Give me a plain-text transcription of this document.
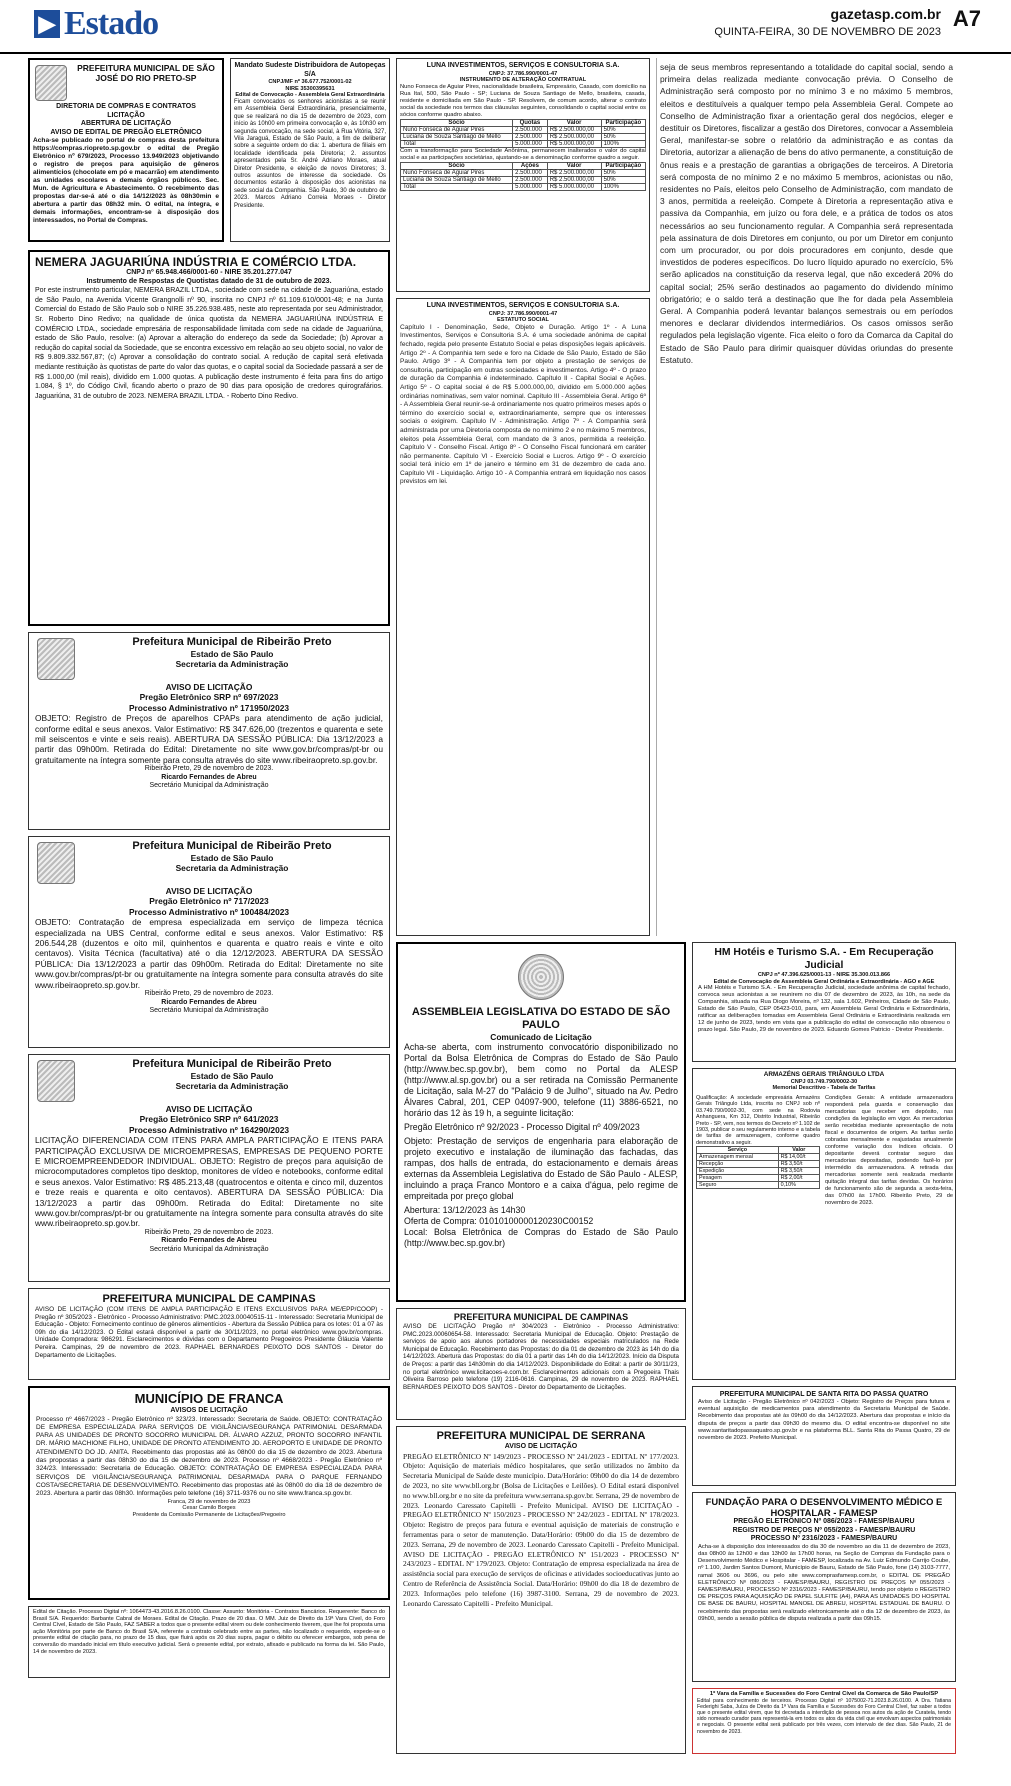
▶ Estado	gazetasp.com.br
QUINTA-FEIRA, 30 DE NOVEMBRO DE 2023
A7
PREFEITURA MUNICIPAL DE SÃO JOSÉ DO RIO PRETO-SP
DIRETORIA DE COMPRAS E CONTRATOS
LICITAÇÃO
ABERTURA DE LICITAÇÃO
AVISO DE EDITAL DE PREGÃO ELETRÔNICO
Acha-se publicado no portal de compras desta prefeitura https://compras.riopreto.sp.gov.br o edital de Pregão Eletrônico nº 679/2023, Processo 13.949/2023 objetivando o registro de preços para aquisição de gêneros alimentícios (chocolate em pó e macarrão) em atendimento as unidades escolares e demais órgãos públicos. Sec. Mun. de Agricultura e Abastecimento. O recebimento das propostas dar-se-á até o dia 14/12/2023 às 08h30min e abertura a partir das 08h32 min. O edital, na íntegra, e demais informações, encontram-se à disposição dos interessados, no Portal de Compras.
Mandato Sudeste Distribuidora de Autopeças S/A
CNPJ/MF nº 36.677.752/0001-02
NIRE 35300395631
Edital de Convocação - Assembleia Geral Extraordinária
Ficam convocados os senhores acionistas a se reunir em Assembleia Geral Extraordinária, presencialmente, que se realizará no dia 15 de dezembro de 2023, com início às 10h00 em primeira convocação e, às 10h30 em segunda convocação, na sede social, à Rua Vitória, 327, Vila Jaraguá, Estado de São Paulo, a fim de deliberar sobre a seguinte ordem do dia: 1. abertura de filiais em localidade identificada pela Diretoria; 2. assuntos apresentados pela Sr. André Adriano Moraes, atual Diretor Presidente, e eleição de novos Diretores; 3. outros assuntos de interesse da sociedade. Os documentos estarão à disposição dos acionistas na sede social da Companhia. São Paulo, 30 de outubro de 2023. Marcos Adriano Correia Moraes - Diretor Presidente.
NEMERA JAGUARIÚNA INDÚSTRIA E COMÉRCIO LTDA.
CNPJ nº 65.948.466/0001-60 - NIRE 35.201.277.047
Instrumento de Respostas de Quotistas datado de 31 de outubro de 2023.
Por este instrumento particular, NEMERA BRAZIL LTDA., sociedade com sede na cidade de Jaguariúna, estado de São Paulo, na Avenida Vicente Grangnolli nº 90, inscrita no CNPJ nº 61.109.610/0001-48; e na Junta Comercial do Estado de São Paulo sob o NIRE 35.226.938.485, neste ato representada por seu Administrador, Sr. Roberto Dino Redivo; na qualidade de única quotista da NEMERA JAGUARIÚNA INDÚSTRIA E COMÉRCIO LTDA., sociedade empresária de responsabilidade limitada com sede na cidade de Jaguariúna, estado de São Paulo, resolve: (a) Aprovar a alteração do endereço da sede da Sociedade; (b) Aprovar a redução do capital social da Sociedade, que se encontra excessivo em relação ao seu objeto social, no valor de R$ 9.809.332.567,87; (c) Aprovar a consolidação do contrato social. A redução de capital será efetivada mediante restituição às quotistas de parte do valor das quotas, e o capital social da Sociedade passará a ser de R$ 1.000,00 (mil reais), dividido em 1.000 quotas. A publicação deste instrumento é feita para fins do artigo 1.084, § 1º, do Código Civil, ficando aberto o prazo de 90 dias para oposição de credores quirografários. Jaguariúna, 31 de outubro de 2023. NEMERA BRAZIL LTDA. - Roberto Dino Redivo.
Prefeitura Municipal de Ribeirão Preto
Estado de São Paulo
Secretaria da Administração
AVISO DE LICITAÇÃO
Pregão Eletrônico SRP nº 697/2023
Processo Administrativo nº 171950/2023
OBJETO: Registro de Preços de aparelhos CPAPs para atendimento de ação judicial, conforme edital e seus anexos. Valor Estimativo: R$ 347.626,00 (trezentos e quarenta e sete mil seiscentos e vinte e seis reais). ABERTURA DA SESSÃO PÚBLICA: Dia 13/12/2023 a partir das 09h00m. Retirada do Edital: Diretamente no site www.gov.br/compras/pt-br ou gratuitamente na íntegra somente para consulta através do site www.ribeiraopreto.sp.gov.br.
Ribeirão Preto, 29 de novembro de 2023.
Ricardo Fernandes de Abreu
Secretário Municipal da Administração
Prefeitura Municipal de Ribeirão Preto
Estado de São Paulo
Secretaria da Administração
AVISO DE LICITAÇÃO
Pregão Eletrônico nº 717/2023
Processo Administrativo nº 100484/2023
OBJETO: Contratação de empresa especializada em serviço de limpeza técnica especializada na UBS Central, conforme edital e seus anexos. Valor Estimativo: R$ 206.544,28 (duzentos e oito mil, quinhentos e quarenta e quatro reais e vinte e oito centavos). Visita Técnica (facultativa) até o dia 12/12/2023. ABERTURA DA SESSÃO PÚBLICA: Dia 13/12/2023 a partir das 09h00m. Retirada do Edital: Diretamente no site www.gov.br/compras/pt-br ou gratuitamente na íntegra somente para consulta através do site www.ribeiraopreto.sp.gov.br.
Ribeirão Preto, 29 de novembro de 2023.
Ricardo Fernandes de Abreu
Secretário Municipal da Administração
Prefeitura Municipal de Ribeirão Preto
Estado de São Paulo
Secretaria da Administração
AVISO DE LICITAÇÃO
Pregão Eletrônico SRP nº 641/2023
Processo Administrativo nº 164290/2023
LICITAÇÃO DIFERENCIADA COM ITENS PARA AMPLA PARTICIPAÇÃO E ITENS PARA PARTICIPAÇÃO EXCLUSIVA DE MICROEMPRESAS, EMPRESAS DE PEQUENO PORTE E MICROEMPREENDEDOR INDIVIDUAL. OBJETO: Registro de preços para aquisição de microcomputadores completos tipo desktop, monitores de vídeo e notebooks, conforme edital e seus anexos. Valor Estimativo: R$ 485.213,48 (quatrocentos e oitenta e cinco mil, duzentos e treze reais e quarenta e oito centavos). ABERTURA DA SESSÃO PÚBLICA: Dia 13/12/2023 a partir das 09h00m. Retirada do Edital: Diretamente no site www.gov.br/compras/pt-br ou gratuitamente na íntegra somente para consulta através do site www.ribeiraopreto.sp.gov.br.
Ribeirão Preto, 29 de novembro de 2023.
Ricardo Fernandes de Abreu
Secretário Municipal da Administração
PREFEITURA MUNICIPAL DE CAMPINAS
AVISO DE LICITAÇÃO (COM ITENS DE AMPLA PARTICIPAÇÃO E ITENS EXCLUSIVOS PARA ME/EPP/COOP) - Pregão nº 305/2023 - Eletrônico - Processo Administrativo: PMC.2023.00040515-11 - Interessado: Secretaria Municipal de Educação - Objeto: Fornecimento contínuo de gêneros alimentícios - Abertura da Sessão Pública para os lotes: 01 a 07 às 09h do dia 14/12/2023. O Edital estará disponível a partir de 30/11/2023, no portal eletrônico www.gov.br/compras. Unidade Compradora: 986291. Esclarecimentos e dúvidas com o Departamento Pregoeiros Presidente Gláucia Valente Pereira. Campinas, 29 de novembro de 2023. RAPHAEL BERNARDES PEIXOTO DOS SANTOS - Diretor do Departamento de Licitações.
MUNICÍPIO DE FRANCA
AVISOS DE LICITAÇÃO
Processo nº 4667/2023 - Pregão Eletrônico nº 323/23. Interessado: Secretaria de Saúde. OBJETO: CONTRATAÇÃO DE EMPRESA ESPECIALIZADA PARA SERVIÇOS DE VIGILÂNCIA/SEGURANÇA PATRIMONIAL DESARMADA PARA AS UNIDADES DE PRONTO SOCORRO MUNICIPAL DR. ÁLVARO AZZUZ, PRONTO SOCORRO INFANTIL DR. MÁRIO MACHIONE FILHO, UNIDADE DE PRONTO ATENDIMENTO JD. AEROPORTO E UNIDADE DE PRONTO ATENDIMENTO DO JD. ANITA. Recebimento das propostas até às 08h00 do dia 15 de dezembro de 2023. Abertura das propostas a partir das 08h30 do dia 15 de dezembro de 2023. Processo nº 4668/2023 - Pregão Eletrônico nº 324/23. Interessado: Secretaria de Educação. OBJETO: CONTRATAÇÃO DE EMPRESA ESPECIALIZADA PARA SERVIÇOS DE VIGILÂNCIA/SEGURANÇA PATRIMONIAL DESARMADA PARA O PARQUE FERNANDO COSTA/SECRETARIA DE DESENVOLVIMENTO. Recebimento das propostas até às 08h00 do dia 18 de dezembro de 2023. Abertura a partir das 08h30. Informações pelo telefone (16) 3711-9376 ou no site www.franca.sp.gov.br.
Franca, 29 de novembro de 2023
Cesar Camilo Borges
Presidente da Comissão Permanente de Licitações/Pregoeiro
Edital de Citação. Processo Digital nº: 1064473-43.2016.8.26.0100. Classe: Assunto: Monitória - Contratos Bancários. Requerente: Banco do Brasil S/A. Requerido: Barbante Cabral de Moraes. Edital de Citação. Prazo de 20 dias. O MM. Juiz de Direito da 19ª Vara Cível, do Foro Central Cível, Estado de São Paulo, FAZ SABER a todos que o presente edital virem ou dele conhecimento tiverem, que lhe foi proposta uma ação Monitória por parte de Banco do Brasil S/A, referente a contrato celebrado entre as partes, não localizado o requerido, expede-se o presente edital de citação para, no prazo de 15 dias, que fluirá após os 20 dias supra, pagar o débito ou oferecer embargos, sob pena de conversão do mandado inicial em título executivo judicial. Será o presente edital, por extrato, afixado e publicado na forma da lei. São Paulo, 14 de novembro de 2023.
LUNA INVESTIMENTOS, SERVIÇOS E CONSULTORIA S.A.
CNPJ: 37.786.990/0001-47
INSTRUMENTO DE ALTERAÇÃO CONTRATUAL
Nuno Fonseca de Aguiar Pires, nacionalidade brasileira, Empresário, Casado, com domicílio na Rua Itaí, 500, São Paulo - SP; Luciana de Souza Santiago de Mello, brasileira, casada, residente e domiciliada em São Paulo - SP. Resolvem, de comum acordo, alterar o contrato social da sociedade nos termos das cláusulas seguintes, consolidando o capital social entre os sócios conforme quadro abaixo.
Sócio	Quotas	Valor	Participação
Nuno Fonseca de Aguiar Pires	2.500.000	R$ 2.500.000,00	50%
Luciana de Souza Santiago de Mello	2.500.000	R$ 2.500.000,00	50%
Total	5.000.000	R$ 5.000.000,00	100%
Com a transformação para Sociedade Anônima, permanecem inalterados o valor do capital social e as participações societárias, ajustando-se a denominação conforme quadro a seguir.
Sócio	Ações	Valor	Participação
Nuno Fonseca de Aguiar Pires	2.500.000	R$ 2.500.000,00	50%
Luciana de Souza Santiago de Mello	2.500.000	R$ 2.500.000,00	50%
Total	5.000.000	R$ 5.000.000,00	100%
LUNA INVESTIMENTOS, SERVIÇOS E CONSULTORIA S.A.
CNPJ: 37.786.990/0001-47
ESTATUTO SOCIAL
Capítulo I - Denominação, Sede, Objeto e Duração. Artigo 1º - A Luna Investimentos, Serviços e Consultoria S.A. é uma sociedade anônima de capital fechado, regida pelo presente Estatuto Social e pelas disposições legais aplicáveis. Artigo 2º - A Companhia tem sede e foro na Cidade de São Paulo, Estado de São Paulo. Artigo 3º - A Companhia tem por objeto a prestação de serviços de consultoria, participação em outras sociedades e investimentos. Artigo 4º - O prazo de duração da Companhia é indeterminado. Capítulo II - Capital Social e Ações. Artigo 5º - O capital social é de R$ 5.000.000,00, dividido em 5.000.000 ações ordinárias nominativas, sem valor nominal. Capítulo III - Assembleia Geral. Artigo 6º - A Assembleia Geral reunir-se-á ordinariamente nos quatro primeiros meses após o término do exercício social e, extraordinariamente, sempre que os interesses sociais o exigirem. Capítulo IV - Administração. Artigo 7º - A Companhia será administrada por uma Diretoria composta de no mínimo 2 e no máximo 5 membros, eleitos pela Assembleia Geral, com mandato de 3 anos, permitida a reeleição. Capítulo V - Conselho Fiscal. Artigo 8º - O Conselho Fiscal funcionará em caráter não permanente. Capítulo VI - Exercício Social e Lucros. Artigo 9º - O exercício social terá início em 1º de janeiro e término em 31 de dezembro de cada ano. Capítulo VII - Liquidação. Artigo 10 - A Companhia entrará em liquidação nos casos previstos em lei.
seja de seus membros representando a totalidade do capital social, sendo a primeira delas realizada mediante convocação prévia. O Conselho de Administração será composto por no mínimo 3 e no máximo 5 membros, eleitos e destituíveis a qualquer tempo pela Assembleia Geral. Compete ao Conselho de Administração fixar a orientação geral dos negócios, eleger e destituir os Diretores, fiscalizar a gestão dos Diretores, convocar a Assembleia Geral, manifestar-se sobre o relatório da administração e as contas da Diretoria, autorizar a alienação de bens do ativo permanente, a constituição de ônus reais e a prestação de garantias a obrigações de terceiros. A Diretoria será composta de no mínimo 2 e no máximo 5 membros, acionistas ou não, residentes no País, eleitos pelo Conselho de Administração, com mandato de 3 anos, permitida a reeleição. Compete à Diretoria a representação ativa e passiva da Companhia, em juízo ou fora dele, e a prática de todos os atos necessários ao seu funcionamento regular. A Companhia será representada pela assinatura de dois Diretores em conjunto, ou por um Diretor em conjunto com um procurador, ou por dois procuradores em conjunto, desde que investidos de poderes específicos. Do lucro líquido apurado no exercício, 5% serão aplicados na constituição da reserva legal, que não excederá 20% do capital social; 25% serão destinados ao pagamento do dividendo mínimo obrigatório; e o saldo terá a destinação que lhe for dada pela Assembleia Geral. A Companhia poderá levantar balanços semestrais ou em períodos menores e declarar dividendos intermediários. Os casos omissos serão regulados pela legislação vigente. Fica eleito o foro da Comarca da Capital do Estado de São Paulo para dirimir quaisquer dúvidas oriundas do presente Estatuto.
ASSEMBLEIA LEGISLATIVA DO ESTADO DE SÃO PAULO
Comunicado de Licitação
Acha-se aberta, com instrumento convocatório disponibilizado no Portal da Bolsa Eletrônica de Compras do Estado de São Paulo (http://www.bec.sp.gov.br), bem como no Portal da ALESP (http://www.al.sp.gov.br) ou a ser retirada na Comissão Permanente de Licitação, sala M-27 do "Palácio 9 de Julho", situado na Av. Pedro Álvares Cabral, 201, CEP 04097-900, telefone (11) 3886-6521, no horário das 12 às 19 h, a seguinte licitação:
Pregão Eletrônico nº 92/2023 - Processo Digital nº 409/2023
Objeto: Prestação de serviços de engenharia para elaboração de projeto executivo e instalação de iluminação das fachadas, das rampas, dos halls de entrada, do estacionamento e demais áreas externas da Assembleia Legislativa do Estado de São Paulo - ALESP, incluindo a praça Franco Montoro e a caixa d'água, pelo regime de empreitada por preço global
Abertura: 13/12/2023 às 14h30
Oferta de Compra: 01010100000120230C00152
Local: Bolsa Eletrônica de Compras do Estado de São Paulo (http://www.bec.sp.gov.br)
PREFEITURA MUNICIPAL DE CAMPINAS
AVISO DE LICITAÇÃO Pregão nº 304/2023 - Eletrônico - Processo Administrativo: PMC.2023.00060654-58. Interessado: Secretaria Municipal de Educação. Objeto: Prestação de serviços de apoio aos alunos portadores de necessidades especiais matriculados na Rede Municipal de Educação. Recebimento das Propostas: do dia 01 de dezembro de 2023 às 14h do dia 14/12/2023. Abertura das Propostas: do dia 01 a partir das 14h do dia 14/12/2023. Início da Disputa de Preços: a partir das 14h30min do dia 14/12/2023. Disponibilidade do Edital: a partir de 30/11/23, no portal eletrônico www.licitacoes-e.com.br. Esclarecimentos adicionais com a Pregoeira Thais Oliveira Barroso pelo telefone (19) 2116-0616. Campinas, 29 de novembro de 2023. RAPHAEL BERNARDES PEIXOTO DOS SANTOS - Diretor do Departamento de Licitações.
PREFEITURA MUNICIPAL DE SERRANA
AVISO DE LICITAÇÃO
PREGÃO ELETRÔNICO Nº 149/2023 - PROCESSO Nº 241/2023 - EDITAL Nº 177/2023. Objeto: Aquisição de materiais médico hospitalares, que serão utilizados no âmbito da Secretaria Municipal de Saúde deste município. Data/Horário: 09h00 do dia 14 de dezembro de 2023, no site www.bll.org.br (Bolsa de Licitações e Leilões). O Edital estará disponível no www.bll.org.br e no site da prefeitura www.serrana.sp.gov.br. Serrana, 29 de novembro de 2023. Leonardo Caressato Capitelli - Prefeito Municipal. AVISO DE LICITAÇÃO - PREGÃO ELETRÔNICO Nº 150/2023 - PROCESSO Nº 242/2023 - EDITAL Nº 178/2023. Objeto: Registro de preços para futura e eventual aquisição de materiais de construção e ferramentas para o setor de manutenção. Data/Horário: 09h00 do dia 15 de dezembro de 2023. Serrana, 29 de novembro de 2023. Leonardo Caressato Capitelli - Prefeito Municipal. AVISO DE LICITAÇÃO - PREGÃO ELETRÔNICO Nº 151/2023 - PROCESSO Nº 243/2023 - EDITAL Nº 179/2023. Objeto: Contratação de empresa especializada na área de assistência social para execução de serviços de oficinas e atividades socioeducativas junto ao Centro de Referência de Assistência Social. Data/Horário: 09h00 do dia 18 de dezembro de 2023. Informações pelo telefone (16) 3987-3100. Serrana, 29 de novembro de 2023. Leonardo Caressato Capitelli - Prefeito Municipal.
HM Hotéis e Turismo S.A. - Em Recuperação Judicial
CNPJ nº 47.396.625/0001-13 - NIRE 35.300.013.866
Edital de Convocação de Assembleia Geral Ordinária e Extraordinária - AGO e AGE
A HM Hotéis e Turismo S.A. - Em Recuperação Judicial, sociedade anônima de capital fechado, convoca seus acionistas a se reunirem no dia 07 de dezembro de 2023, às 10h, na sede da Companhia, situada na Rua Diogo Moreira, nº 132, sala 1.602, Pinheiros, Cidade de São Paulo, Estado de São Paulo, CEP 05423-010, para, em Assembleia Geral Ordinária e Extraordinária, ratificar as deliberações tomadas em Assembleia Geral Ordinária e Extraordinária realizada em 12 de junho de 2023, tendo em vista que a publicação do edital de convocação não observou o prazo legal. São Paulo, 29 de novembro de 2023. Eduardo Gomes Patricio - Diretor Presidente.
ARMAZÉNS GERAIS TRIÂNGULO LTDA
CNPJ 03.749.790/0002-30
Memorial Descritivo - Tabela de Tarifas
Qualificação: A sociedade empresária Armazéns Gerais Triângulo Ltda, inscrita no CNPJ sob nº 03.749.790/0002-30, com sede na Rodovia Anhanguera, Km 312, Distrito Industrial, Ribeirão Preto - SP, vem, nos termos do Decreto nº 1.102 de 1903, publicar o seu regulamento interno e a tabela de tarifas de armazenagem, conforme quadro demonstrativo a seguir.
Serviço	Valor
Armazenagem mensal	R$ 14,00/t
Recepção	R$ 3,50/t
Expedição	R$ 3,50/t
Pesagem	R$ 2,00/t
Seguro	0,10%
Condições Gerais: A entidade armazenadora responderá pela guarda e conservação das mercadorias que receber em depósito, nas condições da legislação em vigor. As mercadorias serão recebidas mediante apresentação de nota fiscal e documentos de origem. As tarifas serão cobradas mensalmente e reajustadas anualmente conforme variação dos índices oficiais. O depositante deverá contratar seguro das mercadorias depositadas, podendo fazê-lo por intermédio da armazenadora. A retirada das mercadorias somente será realizada mediante quitação integral das tarifas devidas. Os horários de funcionamento são de segunda a sexta-feira, das 07h00 às 17h00. Ribeirão Preto, 29 de novembro de 2023.
PREFEITURA MUNICIPAL DE SANTA RITA DO PASSA QUATRO
Aviso de Licitação - Pregão Eletrônico nº 042/2023 - Objeto: Registro de Preços para futura e eventual aquisição de medicamentos para atendimento da Secretaria Municipal de Saúde. Recebimento das propostas até às 09h00 do dia 14/12/2023. Abertura das propostas e início da disputa de preços a partir das 09h30 do mesmo dia. O edital encontra-se disponível no site www.santaritadopassaquatro.sp.gov.br e na plataforma BLL. Santa Rita do Passa Quatro, 29 de novembro de 2023. Prefeito Municipal.
FUNDAÇÃO PARA O DESENVOLVIMENTO MÉDICO E HOSPITALAR - FAMESP
PREGÃO ELETRÔNICO Nº 086/2023 - FAMESP/BAURU
REGISTRO DE PREÇOS Nº 055/2023 - FAMESP/BAURU
PROCESSO Nº 2316/2023 - FAMESP/BAURU
Acha-se à disposição dos interessados do dia 30 de novembro ao dia 11 de dezembro de 2023, das 08h00 às 12h00 e das 13h00 às 17h00 horas, na Seção de Compras da Fundação para o Desenvolvimento Médico e Hospitalar - FAMESP, localizada na Av. Luiz Edmundo Carrijo Coube, nº 1.100, Jardim Santos Dumont, Município de Bauru, Estado de São Paulo, fone (14) 3103-7777, ramal 3606 ou 3696, ou pelo site www.comprasfamesp.com.br, o EDITAL DE PREGÃO ELETRÔNICO Nº 086/2023 - FAMESP/BAURU, REGISTRO DE PREÇOS Nº 055/2023 - FAMESP/BAURU, PROCESSO Nº 2316/2023 - FAMESP/BAURU, tendo por objeto o REGISTRO DE PREÇOS PARA AQUISIÇÃO DE PAPEL SULFITE (A4), PARA AS UNIDADES DO HOSPITAL DE BASE DE BAURU, HOSPITAL MANOEL DE ABREU, HOSPITAL ESTADUAL DE BAURU. O recebimento das propostas será realizado eletronicamente até o dia 12 de dezembro de 2023, às 09h00, sendo a sessão pública de disputa realizada a partir das 09h15.
1º Vara da Família e Sucessões do Foro Central Cível da Comarca de São Paulo/SP
Edital para conhecimento de terceiros. Processo Digital nº 1075002-71.2023.8.26.0100. A Dra. Tatiana Federighi Saba, Juíza de Direito da 1ª Vara da Família e Sucessões do Foro Central Cível, faz saber a todos que o presente edital virem, que foi decretada a interdição de pessoa nos autos da ação de Curatela, tendo sido nomeado curador para representá-la em todos os atos da vida civil que envolvam aspectos patrimoniais e negociais. O presente edital será publicado por três vezes, com intervalo de dez dias. São Paulo, 21 de novembro de 2023.
